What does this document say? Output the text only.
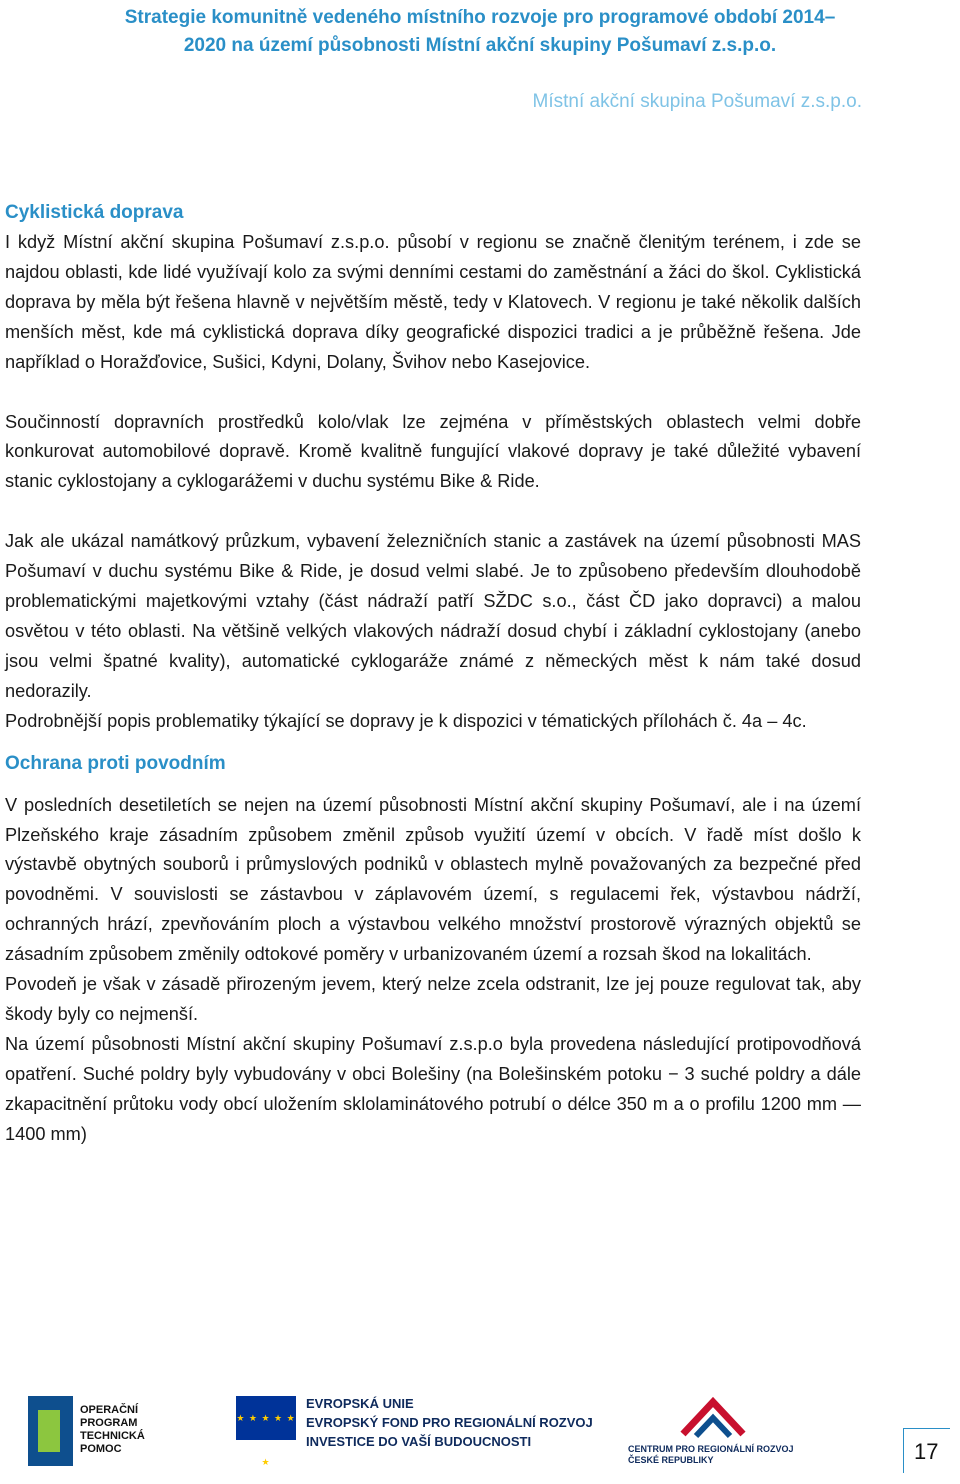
Strategie komunitně vedeného místního rozvoje pro programové období 2014–
2020 na území působnosti Místní akční skupiny Pošumaví z.s.p.o.
Místní akční skupina Pošumaví z.s.p.o.
Cyklistická doprava

I když Místní akční skupina Pošumaví z.s.p.o. působí v regionu se značně členitým terénem, i zde se najdou oblasti, kde lidé využívají kolo za svými denními cestami do zaměstnání a žáci do škol. Cyklistická doprava by měla být řešena hlavně v největším městě, tedy v Klatovech. V regionu je také několik dalších menších měst, kde má cyklistická doprava díky geografické dispozici tradici a je průběžně řešena. Jde například o Horažďovice, Sušici, Kdyni, Dolany, Švihov nebo Kasejovice.

Součinností dopravních prostředků kolo/vlak lze zejména v příměstských oblastech velmi dobře konkurovat automobilové dopravě. Kromě kvalitně fungující vlakové dopravy je také důležité vybavení stanic cyklostojany a cyklogarážemi v duchu systému Bike & Ride.

Jak ale ukázal namátkový průzkum, vybavení železničních stanic a zastávek na území působnosti MAS Pošumaví v duchu systému Bike & Ride, je dosud velmi slabé. Je to způsobeno především dlouhodobě problematickými majetkovými vztahy (část nádraží patří SŽDC s.o., část ČD jako dopravci) a malou osvětou v této oblasti. Na většině velkých vlakových nádraží dosud chybí i základní cyklostojany (anebo jsou velmi špatné kvality), automatické cyklogaráže známé z německých měst k nám také dosud nedorazily.

Podrobnější popis problematiky týkající se dopravy je k dispozici v tématických přílohách č. 4a – 4c.

Ochrana proti povodním

V posledních desetiletích se nejen na území působnosti Místní akční skupiny Pošumaví, ale i na území Plzeňského kraje zásadním způsobem změnil způsob využití území v obcích. V řadě míst došlo k výstavbě obytných souborů i průmyslových podniků v oblastech mylně považovaných za bezpečné před povodněmi. V souvislosti se zástavbou v záplavovém území, s regulacemi řek, výstavbou nádrží, ochranných hrází, zpevňováním ploch a výstavbou velkého množství prostorově výrazných objektů se zásadním způsobem změnily odtokové poměry v urbanizovaném území a rozsah škod na lokalitách.

Povodeň je však v zásadě přirozeným jevem, který nelze zcela odstranit, lze jej pouze regulovat tak, aby škody byly co nejmenší.

Na území působnosti Místní akční skupiny Pošumaví z.s.p.o byla provedena následující protipovodňová opatření. Suché poldry byly vybudovány v obci Bolešiny (na Bolešinském potoku − 3 suché poldry a dále zkapacitnění průtoku vody obcí uložením sklolaminátového potrubí o délce 350 m a o profilu 1200 mm — 1400 mm)

OPERAČNÍ
PROGRAM
TECHNICKÁ
POMOC
★ ★ ★ ★ ★ ★
EVROPSKÁ UNIE
EVROPSKÝ FOND PRO REGIONÁLNÍ ROZVOJ
INVESTICE DO VAŠÍ BUDOUCNOSTI	CENTRUM PRO REGIONÁLNÍ ROZVOJ
ČESKÉ REPUBLIKY	17
